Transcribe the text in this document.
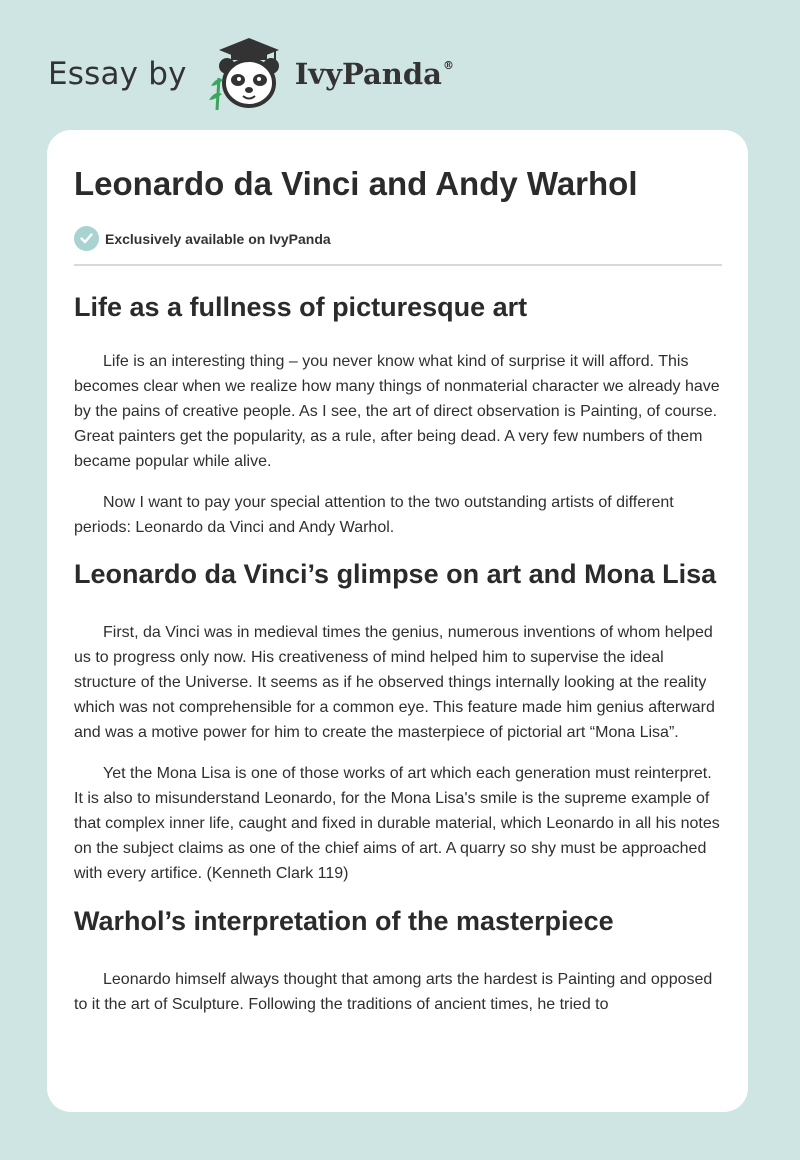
Essay by	IvyPanda®
Leonardo da Vinci and Andy Warhol
Exclusively available on IvyPanda
Life as a fullness of picturesque art

Life is an interesting thing – you never know what kind of surprise it will afford. This becomes clear when we realize how many things of nonmaterial character we already have by the pains of creative people. As I see, the art of direct observation is Painting, of course. Great painters get the popularity, as a rule, after being dead. A very few numbers of them became popular while alive.

Now I want to pay your special attention to the two outstanding artists of different periods: Leonardo da Vinci and Andy Warhol.

Leonardo da Vinci’s glimpse on art and Mona Lisa

First, da Vinci was in medieval times the genius, numerous inventions of whom helped us to progress only now. His creativeness of mind helped him to supervise the ideal structure of the Universe. It seems as if he observed things internally looking at the reality which was not comprehensible for a common eye. This feature made him genius afterward and was a motive power for him to create the masterpiece of pictorial art “Mona Lisa”.

Yet the Mona Lisa is one of those works of art which each generation must reinterpret. It is also to misunderstand Leonardo, for the Mona Lisa's smile is the supreme example of that complex inner life, caught and fixed in durable material, which Leonardo in all his notes on the subject claims as one of the chief aims of art. A quarry so shy must be approached with every artifice. (Kenneth Clark 119)

Warhol’s interpretation of the masterpiece

Leonardo himself always thought that among arts the hardest is Painting and opposed to it the art of Sculpture. Following the traditions of ancient times, he tried to
